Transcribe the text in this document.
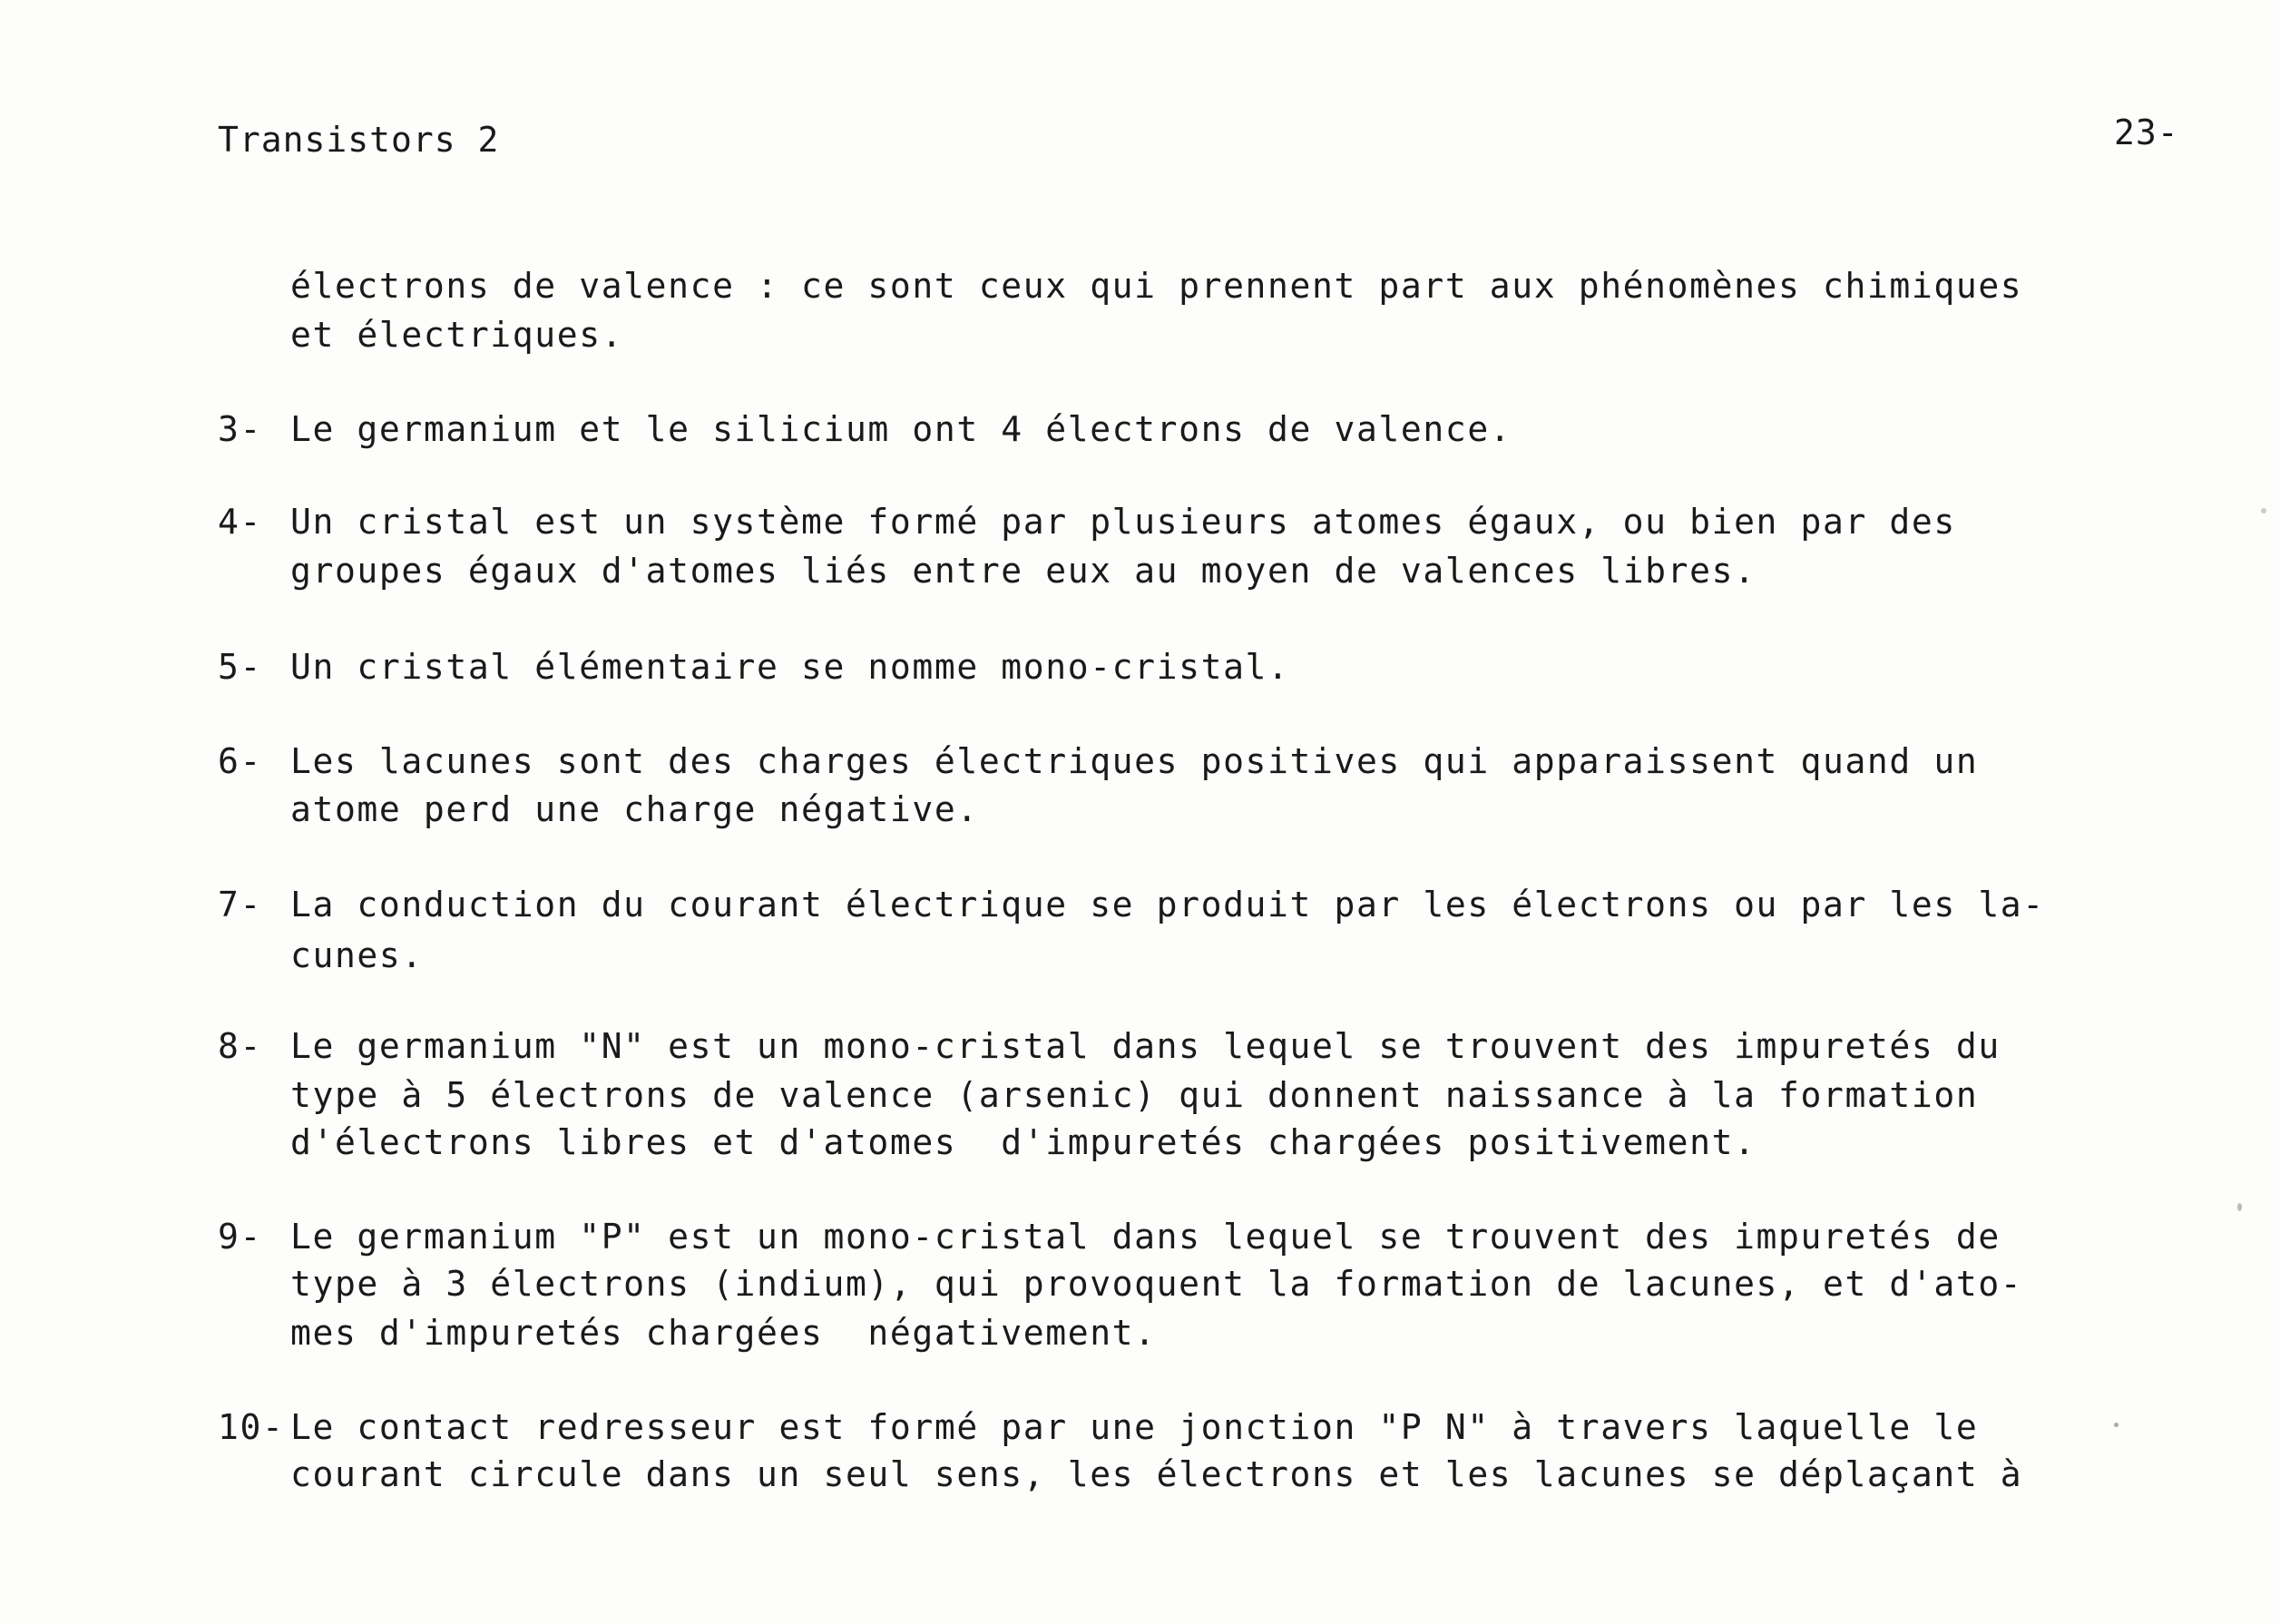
Transistors 2	23-
électrons de valence : ce sont ceux qui prennent part aux phénomènes chimiques
et électriques.
3- Le germanium et le silicium ont 4 électrons de valence.
4- Un cristal est un système formé par plusieurs atomes égaux, ou bien par des
groupes égaux d'atomes liés entre eux au moyen de valences libres.
5- Un cristal élémentaire se nomme mono-cristal.
6- Les lacunes sont des charges électriques positives qui apparaissent quand un
atome perd une charge négative.
7- La conduction du courant électrique se produit par les électrons ou par les la-
cunes.
8- Le germanium "N" est un mono-cristal dans lequel se trouvent des impuretés du
type à 5 électrons de valence (arsenic) qui donnent naissance à la formation
d'électrons libres et d'atomes  d'impuretés chargées positivement.
9- Le germanium "P" est un mono-cristal dans lequel se trouvent des impuretés de
type à 3 électrons (indium), qui provoquent la formation de lacunes, et d'ato-
mes d'impuretés chargées  négativement.
10- Le contact redresseur est formé par une jonction "P N" à travers laquelle le
courant circule dans un seul sens, les électrons et les lacunes se déplaçant à
